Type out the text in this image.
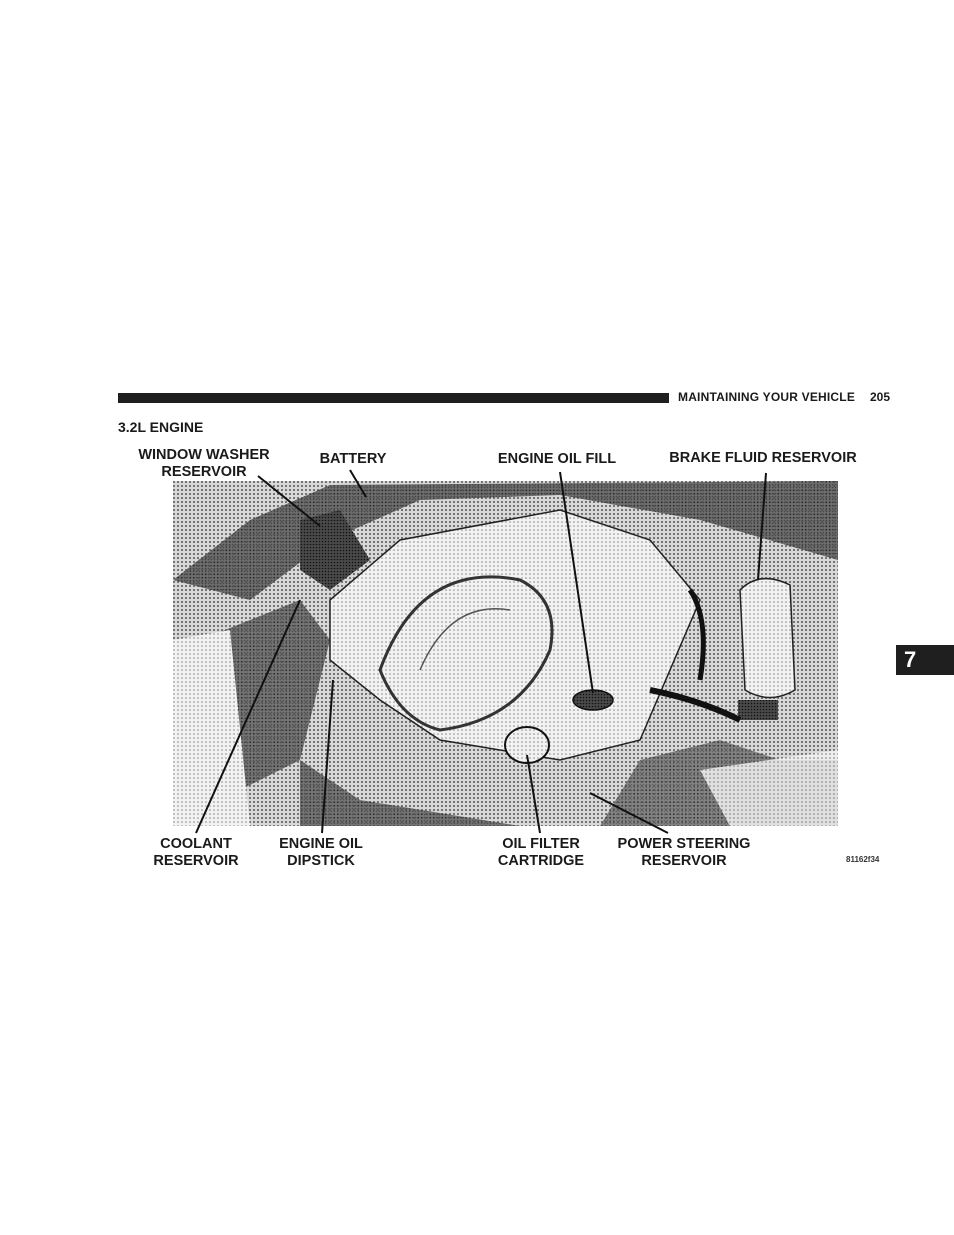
MAINTAINING YOUR VEHICLE 205
3.2L ENGINE
7
WINDOW WASHER RESERVOIR
BATTERY	ENGINE OIL FILL	BRAKE FLUID RESERVOIR
COOLANT RESERVOIR
ENGINE OIL DIPSTICK
OIL FILTER CARTRIDGE
POWER STEERING RESERVOIR	81162f34
